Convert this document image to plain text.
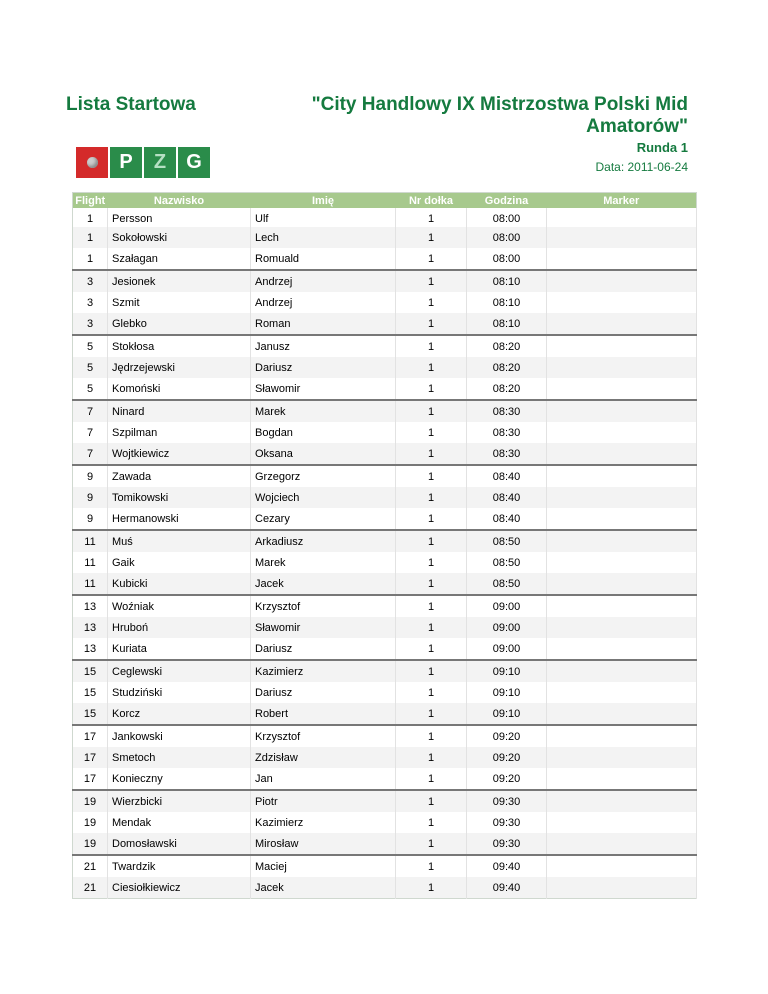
Lista Startowa	"City Handlowy IX Mistrzostwa Polski Mid Amatorów"
Runda 1
Data: 2011-06-24
P	Z	G
Flight	Nazwisko	Imię	Nr dołka	Godzina	Marker
1	Persson	Ulf	1	08:00	
1	Sokołowski	Lech	1	08:00	
1	Szałagan	Romuald	1	08:00	
3	Jesionek	Andrzej	1	08:10	
3	Szmit	Andrzej	1	08:10	
3	Glebko	Roman	1	08:10	
5	Stokłosa	Janusz	1	08:20	
5	Jędrzejewski	Dariusz	1	08:20	
5	Komoński	Sławomir	1	08:20	
7	Ninard	Marek	1	08:30	
7	Szpilman	Bogdan	1	08:30	
7	Wojtkiewicz	Oksana	1	08:30	
9	Zawada	Grzegorz	1	08:40	
9	Tomikowski	Wojciech	1	08:40	
9	Hermanowski	Cezary	1	08:40	
11	Muś	Arkadiusz	1	08:50	
11	Gaik	Marek	1	08:50	
11	Kubicki	Jacek	1	08:50	
13	Woźniak	Krzysztof	1	09:00	
13	Hruboń	Sławomir	1	09:00	
13	Kuriata	Dariusz	1	09:00	
15	Ceglewski	Kazimierz	1	09:10	
15	Studziński	Dariusz	1	09:10	
15	Korcz	Robert	1	09:10	
17	Jankowski	Krzysztof	1	09:20	
17	Smetoch	Zdzisław	1	09:20	
17	Konieczny	Jan	1	09:20	
19	Wierzbicki	Piotr	1	09:30	
19	Mendak	Kazimierz	1	09:30	
19	Domosławski	Mirosław	1	09:30	
21	Twardzik	Maciej	1	09:40	
21	Ciesiołkiewicz	Jacek	1	09:40	
